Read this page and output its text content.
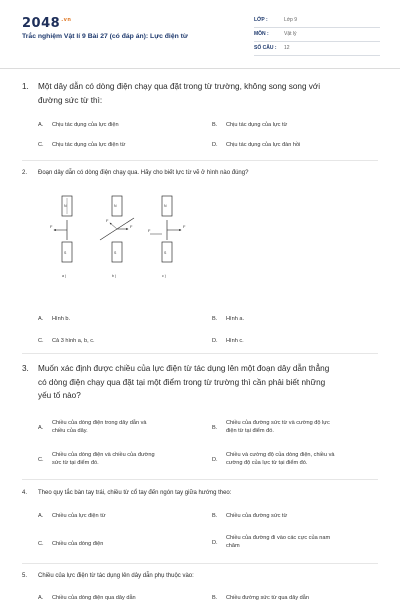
$2048^{.vn}$
Trắc nghiệm Vật lí 9 Bài 27 (có đáp án): Lực điện từ
LỚP :	Lớp 9
MÔN :	Vật lý
SỐ CÂU : 12
1. Một dây dẫn có dòng điện chạy qua đặt trong từ trường, không song song với
đường sức từ thì:
A. Chịu tác dụng của lực điện	B. Chịu tác dụng của lực từ
C. Chịu tác dụng của lực điện từ	D. Chịu tác dụng của lực đàn hồi
2. Đoạn dây dẫn có dòng điện chạy qua. Hãy cho biết lực từ vẽ ở hình nào đúng?
F
N
S
a )
F
F
N
S
b )
F
F
N
S
c )
A. Hình b.	B. Hình a.
C. Cả 3 hình a, b, c.	D. Hình c.
3. Muốn xác định được chiều của lực điện từ tác dụng lên một đoạn dây dẫn thẳng
có dòng điện chạy qua đặt tại một điểm trong từ trường thì cần phải biết những
yếu tố nào?
A.
Chiều của dòng điện trong dây dẫn và
chiều của dây.	B.
Chiều của đường sức từ và cường độ lực
điện từ tại điểm đó.
C.
Chiều của dòng điện và chiều của đường
sức từ tại điểm đó.	D.
Chiều và cường độ của dòng điện, chiều và
cường độ của lực từ tại điểm đó.
4. Theo quy tắc bàn tay trái, chiều từ cổ tay đến ngón tay giữa hướng theo:
A. Chiều của lực điện từ	B. Chiều của đường sức từ
C. Chiều của dòng điện	D.
Chiều của đường đi vào các cực của nam
châm
5. Chiều của lực điện từ tác dụng lên dây dẫn phụ thuộc vào:
A. Chiều của dòng điện qua dây dẫn	B. Chiều đường sức từ qua dây dẫn
